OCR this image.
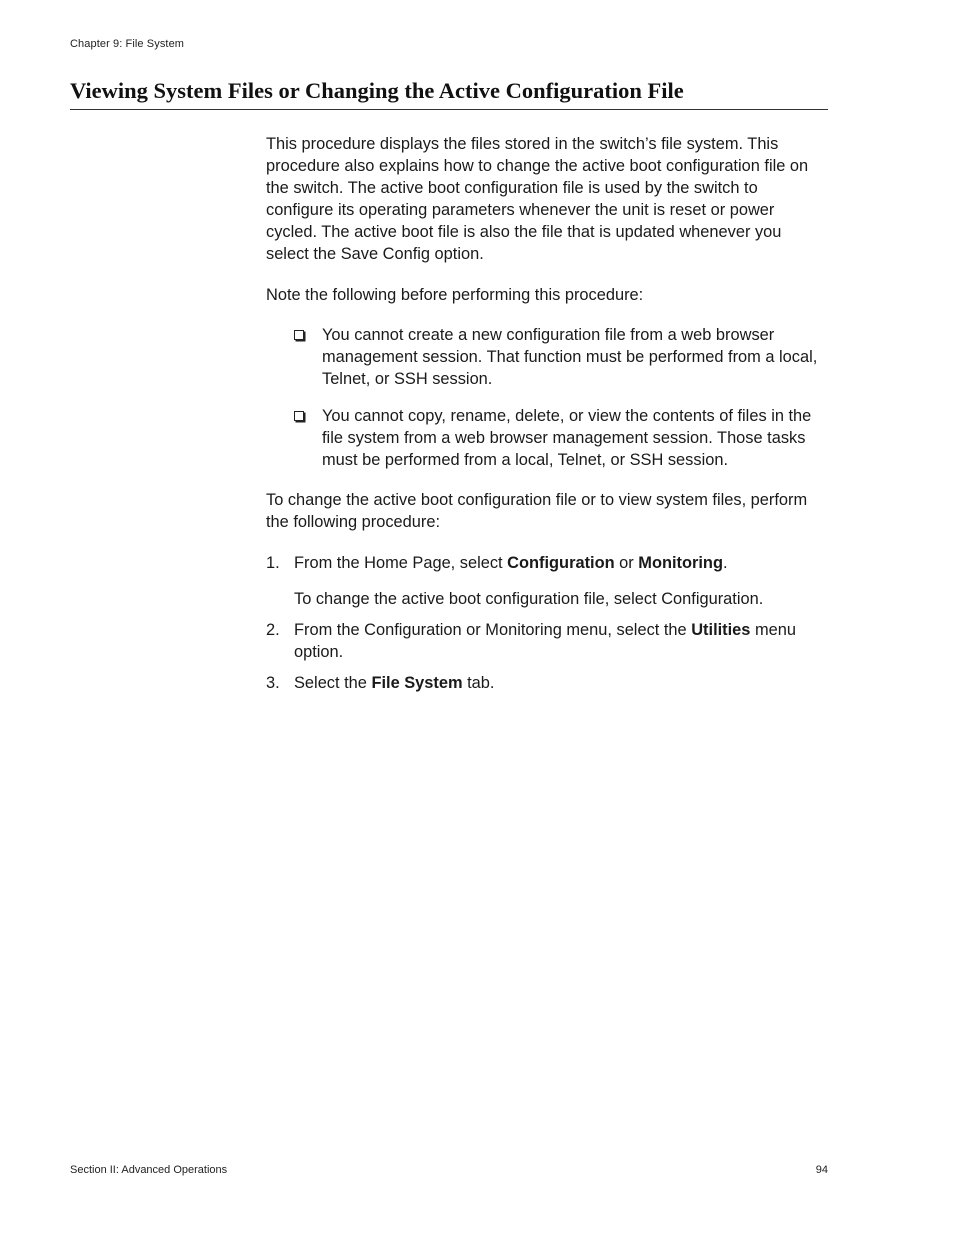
Chapter 9: File System
Viewing System Files or Changing the Active Configuration File

This procedure displays the files stored in the switch’s file system. This procedure also explains how to change the active boot configuration file on the switch. The active boot configuration file is used by the switch to configure its operating parameters whenever the unit is reset or power cycled. The active boot file is also the file that is updated whenever you select the Save Config option.

Note the following before performing this procedure:

You cannot create a new configuration file from a web browser management session. That function must be performed from a local, Telnet, or SSH session.
You cannot copy, rename, delete, or view the contents of files in the file system from a web browser management session. Those tasks must be performed from a local, Telnet, or SSH session.

To change the active boot configuration file or to view system files, perform the following procedure:

1. From the Home Page, select Configuration or Monitoring.
To change the active boot configuration file, select Configuration.
2. From the Configuration or Monitoring menu, select the Utilities menu option.
3. Select the File System tab.
Section II: Advanced Operations	94
